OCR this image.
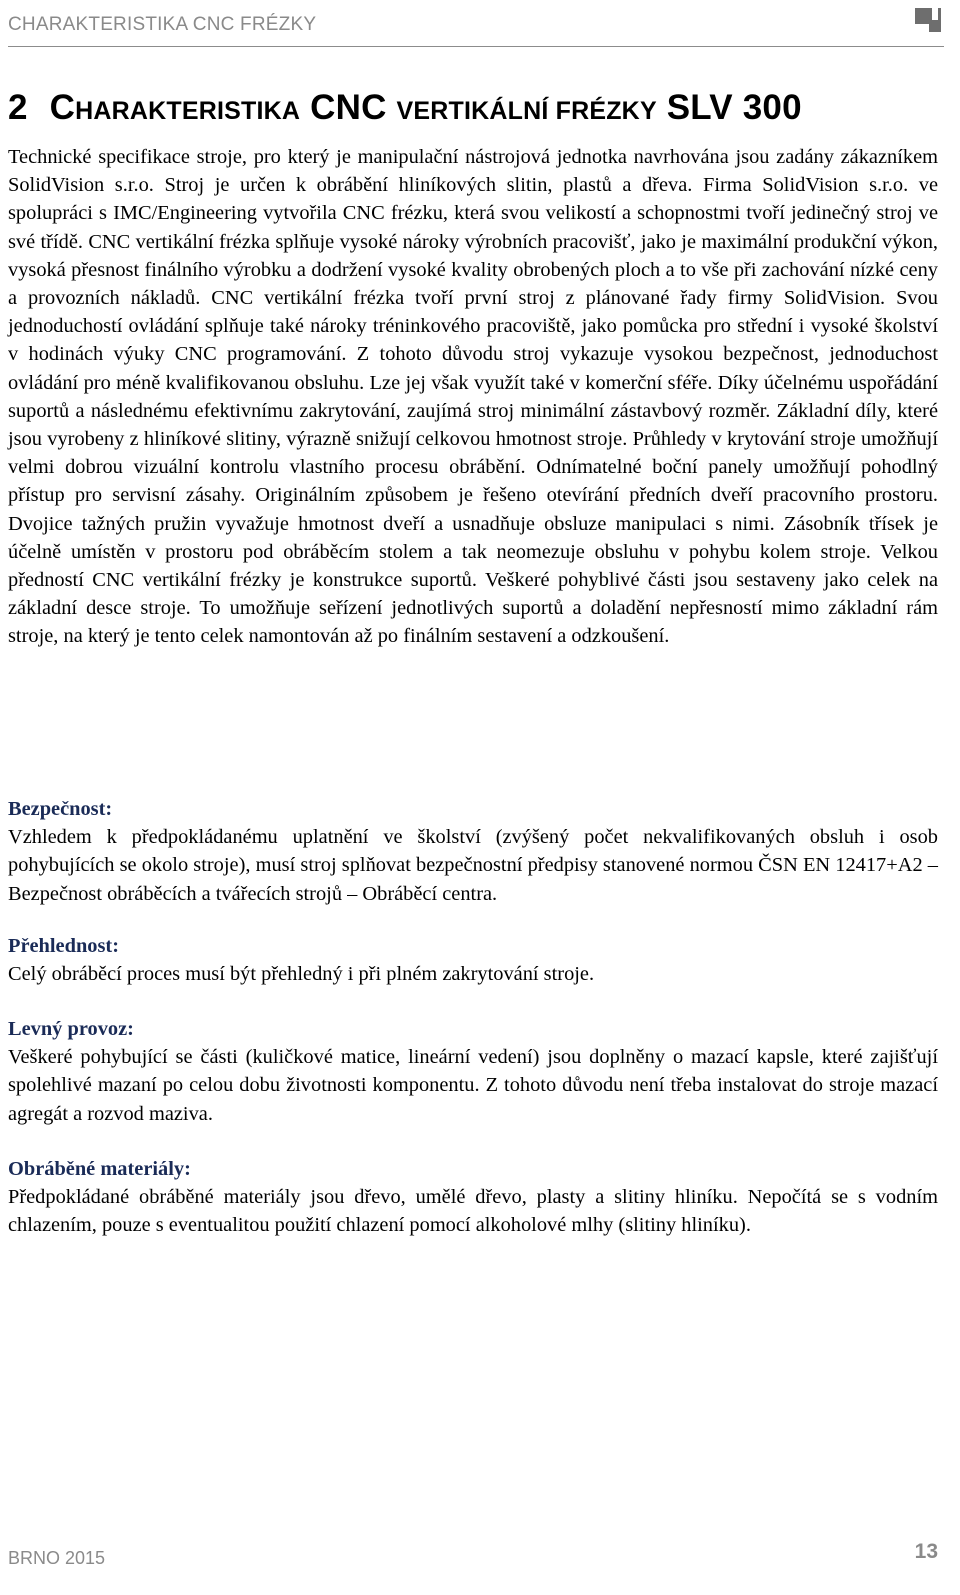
CHARAKTERISTIKA CNC FRÉZKY
2 CHARAKTERISTIKA CNC VERTIKÁLNÍ FRÉZKY SLV 300
Technické specifikace stroje, pro který je manipulační nástrojová jednotka navrhována jsou zadány zákazníkem SolidVision s.r.o. Stroj je určen k obrábění hliníkových slitin, plastů a dřeva. Firma SolidVision s.r.o. ve spolupráci s IMC/Engineering vytvořila CNC frézku, která svou velikostí a schopnostmi tvoří jedinečný stroj ve své třídě. CNC vertikální frézka splňuje vysoké nároky výrobních pracovišť, jako je maximální produkční výkon, vysoká přesnost finálního výrobku a dodržení vysoké kvality obrobených ploch a to vše při zachování nízké ceny a provozních nákladů. CNC vertikální frézka tvoří první stroj z plánované řady firmy SolidVision. Svou jednoduchostí ovládání splňuje také nároky tréninkového pracoviště, jako pomůcka pro střední i vysoké školství v hodinách výuky CNC programování. Z tohoto důvodu stroj vykazuje vysokou bezpečnost, jednoduchost ovládání pro méně kvalifikovanou obsluhu. Lze jej však využít také v komerční sféře. Díky účelnému uspořádání suportů a následnému efektivnímu zakrytování, zaujímá stroj minimální zástavbový rozměr. Základní díly, které jsou vyrobeny z hliníkové slitiny, výrazně snižují celkovou hmotnost stroje. Průhledy v krytování stroje umožňují velmi dobrou vizuální kontrolu vlastního procesu obrábění. Odnímatelné boční panely umožňují pohodlný přístup pro servisní zásahy. Originálním způsobem je řešeno otevírání předních dveří pracovního prostoru. Dvojice tažných pružin vyvažuje hmotnost dveří a usnadňuje obsluze manipulaci s nimi. Zásobník třísek je účelně umístěn v prostoru pod obráběcím stolem a tak neomezuje obsluhu v pohybu kolem stroje. Velkou předností CNC vertikální frézky je konstrukce suportů. Veškeré pohyblivé části jsou sestaveny jako celek na základní desce stroje. To umožňuje seřízení jednotlivých suportů a doladění nepřesností mimo základní rám stroje, na který je tento celek namontován až po finálním sestavení a odzkoušení.
Bezpečnost:
Vzhledem k předpokládanému uplatnění ve školství (zvýšený počet nekvalifikovaných obsluh i osob pohybujících se okolo stroje), musí stroj splňovat bezpečnostní předpisy stanovené normou ČSN EN 12417+A2 – Bezpečnost obráběcích a tvářecích strojů – Obráběcí centra.
Přehlednost:
Celý obráběcí proces musí být přehledný i při plném zakrytování stroje.
Levný provoz:
Veškeré pohybující se části (kuličkové matice, lineární vedení) jsou doplněny o mazací kapsle, které zajišťují spolehlivé mazaní po celou dobu životnosti komponentu. Z tohoto důvodu není třeba instalovat do stroje mazací agregát a rozvod maziva.
Obráběné materiály:
Předpokládané obráběné materiály jsou dřevo, umělé dřevo, plasty a slitiny hliníku. Nepočítá se s vodním chlazením, pouze s eventualitou použití chlazení pomocí alkoholové mlhy (slitiny hliníku).
BRNO 2015	13
